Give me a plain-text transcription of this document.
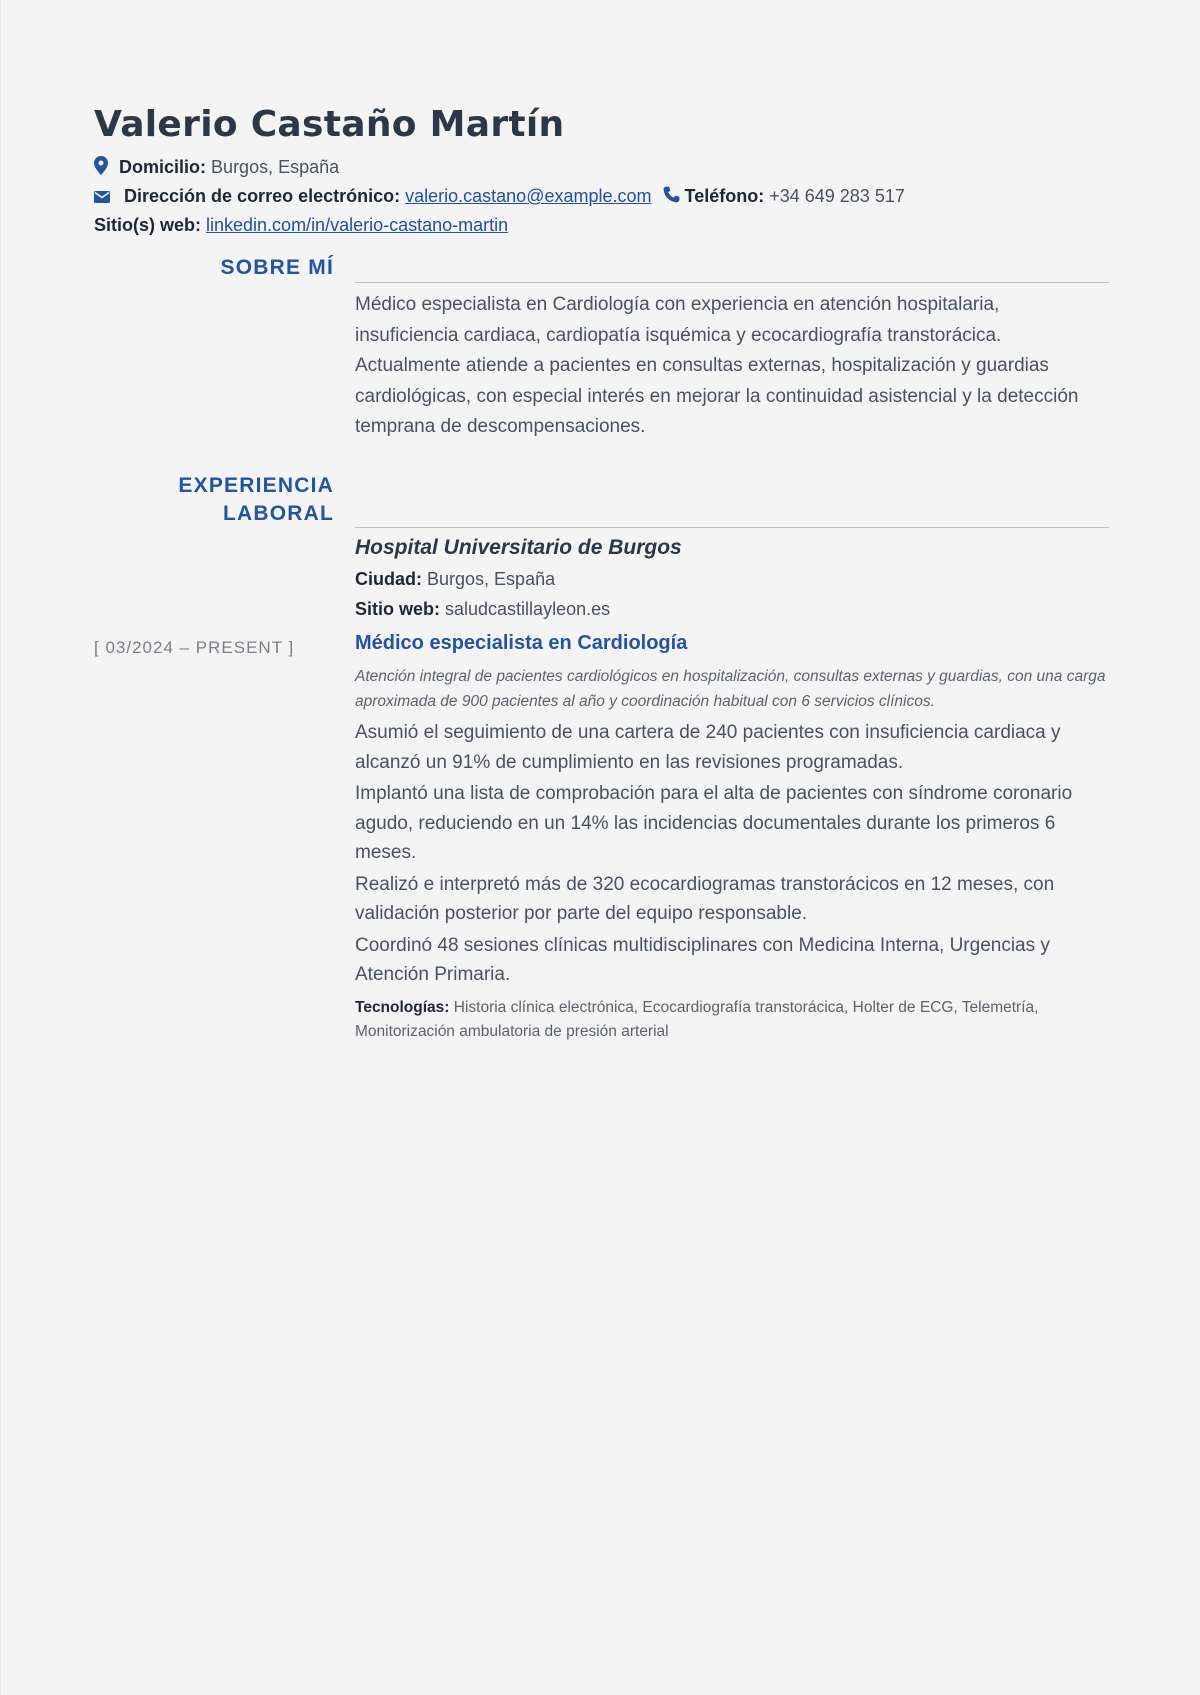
Valerio Castaño Martín
Domicilio: Burgos, España
Dirección de correo electrónico: valerio.castano@example.com Teléfono: +34 649 283 517
Sitio(s) web: linkedin.com/in/valerio-castano-martin
SOBRE MÍ

Médico especialista en Cardiología con experiencia en atención hospitalaria, insuficiencia cardiaca, cardiopatía isquémica y ecocardiografía transtorácica. Actualmente atiende a pacientes en consultas externas, hospitalización y guardias cardiológicas, con especial interés en mejorar la continuidad asistencial y la detección temprana de descompensaciones.

EXPERIENCIA
LABORAL
Hospital Universitario de Burgos
Ciudad: Burgos, España
Sitio web: saludcastillayleon.es
[ 03/2024 – PRESENT ]	Médico especialista en Cardiología

Atención integral de pacientes cardiológicos en hospitalización, consultas externas y guardias, con una carga aproximada de 900 pacientes al año y coordinación habitual con 6 servicios clínicos.

Asumió el seguimiento de una cartera de 240 pacientes con insuficiencia cardiaca y alcanzó un 91% de cumplimiento en las revisiones programadas.
Implantó una lista de comprobación para el alta de pacientes con síndrome coronario agudo, reduciendo en un 14% las incidencias documentales durante los primeros 6 meses.
Realizó e interpretó más de 320 ecocardiogramas transtorácicos en 12 meses, con validación posterior por parte del equipo responsable.
Coordinó 48 sesiones clínicas multidisciplinares con Medicina Interna, Urgencias y Atención Primaria.

Tecnologías: Historia clínica electrónica, Ecocardiografía transtorácica, Holter de ECG, Telemetría, Monitorización ambulatoria de presión arterial
